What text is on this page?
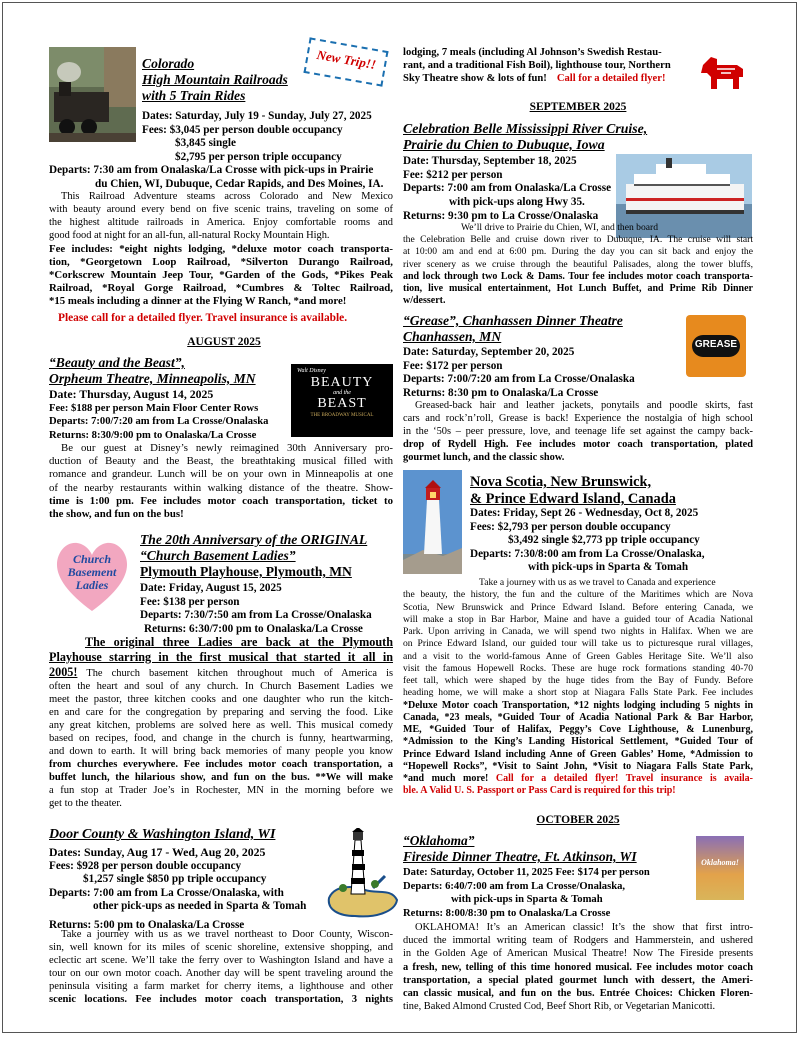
Colorado
High Mountain Railroads
with 5 Train Rides
New Trip!!
Dates: Saturday, July 19 - Sunday, July 27, 2025
Fees: $3,045 per person double occupancy
$3,845 single
$2,795 per person triple occupancy
Departs: 7:30 am from Onalaska/La Crosse with pick-ups in Prairie
du Chien, WI, Dubuque, Cedar Rapids, and Des Moines, IA.
This Railroad Adventure steams across Colorado and New Mexico
with beauty around every bend on five scenic trains, traveling on some of
the highest altitude railroads in America. Enjoy comfortable rooms and
good food at night for an all-fun, all-natural Rocky Mountain High.
Fee includes: *eight nights lodging, *deluxe motor coach transporta-
tion, *Georgetown Loop Railroad, *Silverton Durango Railroad,
*Corkscrew Mountain Jeep Tour, *Garden of the Gods, *Pikes Peak
Railroad, *Royal Gorge Railroad, *Cumbres & Toltec Railroad,
*15 meals including a dinner at the Flying W Ranch, *and more!
Please call for a detailed flyer. Travel insurance is available.
AUGUST 2025
“Beauty and the Beast”,
Orpheum Theatre, Minneapolis, MN
Date: Thursday, August 14, 2025
Fee: $188 per person Main Floor Center Rows
Departs: 7:00/7:20 am from La Crosse/Onalaska
Returns: 8:30/9:00 pm to Onalaska/La Crosse
Walt Disney
BEAUTY
and the
BEAST
THE BROADWAY MUSICAL
Be our guest at Disney’s newly reimagined 30th Anniversary pro-
duction of Beauty and the Beast, the breathtaking musical filled with
romance and grandeur. Lunch will be on your own in Minneapolis at one
of the nearby restaurants within walking distance of the theatre. Show-
time is 1:00 pm. Fee includes motor coach transportation, ticket to
the show, and fun on the bus!
Church
Basement
Ladies
The 20th Anniversary of the ORIGINAL
“Church Basement Ladies”
Plymouth Playhouse, Plymouth, MN
Date: Friday, August 15, 2025
Fee: $138 per person
Departs: 7:30/7:50 am from La Crosse/Onalaska
Returns: 6:30/7:00 pm to Onalaska/La Crosse
The original three Ladies are back at the Plymouth
Playhouse starring in the first musical that started it all in
2005! The church basement kitchen throughout much of America is
often the heart and soul of any church. In Church Basement Ladies we
meet the pastor, three kitchen cooks and one daughter who run the kitch-
en and care for the congregation by preparing and serving the food. Like
any great kitchen, problems are solved here as well. This musical comedy
based on recipes, food, and change in the church is funny, heartwarming,
and down to earth. It will bring back memories of many people you know
from churches everywhere. Fee includes motor coach transportation, a
buffet lunch, the hilarious show, and fun on the bus. **We will make
a fun stop at Trader Joe’s in Rochester, MN in the morning before we
get to the theater.
Door County & Washington Island, WI
Dates: Sunday, Aug 17 - Wed, Aug 20, 2025
Fees: $928 per person double occupancy
$1,257 single $850 pp triple occupancy
Departs: 7:00 am from La Crosse/Onalaska, with
other pick-ups as needed in Sparta & Tomah
Returns: 5:00 pm to Onalaska/La Crosse
Take a journey with us as we travel northeast to Door County, Wiscon-
sin, well known for its miles of scenic shoreline, extensive shopping, and
eclectic art scene. We’ll take the ferry over to Washington Island and have a
tour on our own motor coach. Another day will be spent traveling around the
peninsula visiting a farm market for cherry items, a lighthouse and other
scenic locations. Fee includes motor coach transportation, 3 nights
lodging, 7 meals (including Al Johnson’s Swedish Restau-
rant, and a traditional Fish Boil), lighthouse tour, Northern
Sky Theatre show & lots of fun! Call for a detailed flyer!
SEPTEMBER 2025
Celebration Belle Mississippi River Cruise,
Prairie du Chien to Dubuque, Iowa
Date: Thursday, September 18, 2025
Fee: $212 per person
Departs: 7:00 am from Onalaska/La Crosse
with pick-ups along Hwy 35.
Returns: 9:30 pm to La Crosse/Onalaska
We’ll drive to Prairie du Chien, WI, and then board
the Celebration Belle and cruise down river to Dubuque, IA. The cruise will start
at 10:00 am and end at 6:00 pm. During the day you can sit back and enjoy the
river scenery as we cruise through the beautiful Palisades, along the tower bluffs,
and lock through two Lock & Dams. Tour fee includes motor coach transporta-
tion, live musical entertainment, Hot Lunch Buffet, and Prime Rib Dinner
w/dessert.
“Grease”, Chanhassen Dinner Theatre
Chanhassen, MN
GREASE
Date: Saturday, September 20, 2025
Fee: $172 per person
Departs: 7:00/7:20 am from La Crosse/Onalaska
Returns: 8:30 pm to Onalaska/La Crosse
Greased-back hair and leather jackets, ponytails and poodle skirts, fast
cars and rock’n’roll, Grease is back! Experience the nostalgia of high school
in the ‘50s – peer pressure, love, and teenage life set against the campy back-
drop of Rydell High. Fee includes motor coach transportation, plated
gourmet lunch, and the classic show.
Nova Scotia, New Brunswick,
& Prince Edward Island, Canada
Dates: Friday, Sept 26 - Wednesday, Oct 8, 2025
Fees: $2,793 per person double occupancy
$3,492 single $2,773 pp triple occupancy
Departs: 7:30/8:00 am from La Crosse/Onalaska,
with pick-ups in Sparta & Tomah
Take a journey with us as we travel to Canada and experience
the beauty, the history, the fun and the culture of the Maritimes which are Nova
Scotia, New Brunswick and Prince Edward Island. Before entering Canada, we
will make a stop in Bar Harbor, Maine and have a guided tour of Acadia National
Park. Upon arriving in Canada, we will spend two nights in Halifax. When we are
on Prince Edward Island, our guided tour will take us to picturesque rural villages,
and a visit to the world-famous Anne of Green Gables Heritage Site. We’ll also
visit the famous Hopewell Rocks. These are huge rock formations standing 40-70
feet tall, which were shaped by the huge tides from the Bay of Fundy. Before
heading home, we will make a short stop at Niagara Falls State Park. Fee includes
*Deluxe Motor coach Transportation, *12 nights lodging including 5 nights in
Canada, *23 meals, *Guided Tour of Acadia National Park & Bar Harbor,
ME, *Guided Tour of Halifax, Peggy’s Cove Lighthouse, & Lunenburg,
*Admission to the King’s Landing Historical Settlement, *Guided Tour of
Prince Edward Island including Anne of Green Gables’ Home, *Admission to
“Hopewell Rocks”, *Visit to Saint John, *Visit to Niagara Falls State Park,
*and much more! Call for a detailed flyer! Travel insurance is availa-
ble. A Valid U. S. Passport or Pass Card is required for this trip!
OCTOBER 2025
“Oklahoma”
Fireside Dinner Theatre, Ft. Atkinson, WI	Oklahoma!
Date: Saturday, October 11, 2025 Fee: $174 per person
Departs: 6:40/7:00 am from La Crosse/Onalaska,
with pick-ups in Sparta & Tomah
Returns: 8:00/8:30 pm to Onalaska/La Crosse
OKLAHOMA! It’s an American classic! It’s the show that first intro-
duced the immortal writing team of Rodgers and Hammerstein, and ushered
in the Golden Age of American Musical Theatre! Now The Fireside presents
a fresh, new, telling of this time honored musical. Fee includes motor coach
transportation, a special plated gourmet lunch with dessert, the Ameri-
can classic musical, and fun on the bus. Entrée Choices: Chicken Floren-
tine, Baked Almond Crusted Cod, Beef Short Rib, or Vegetarian Manicotti.
